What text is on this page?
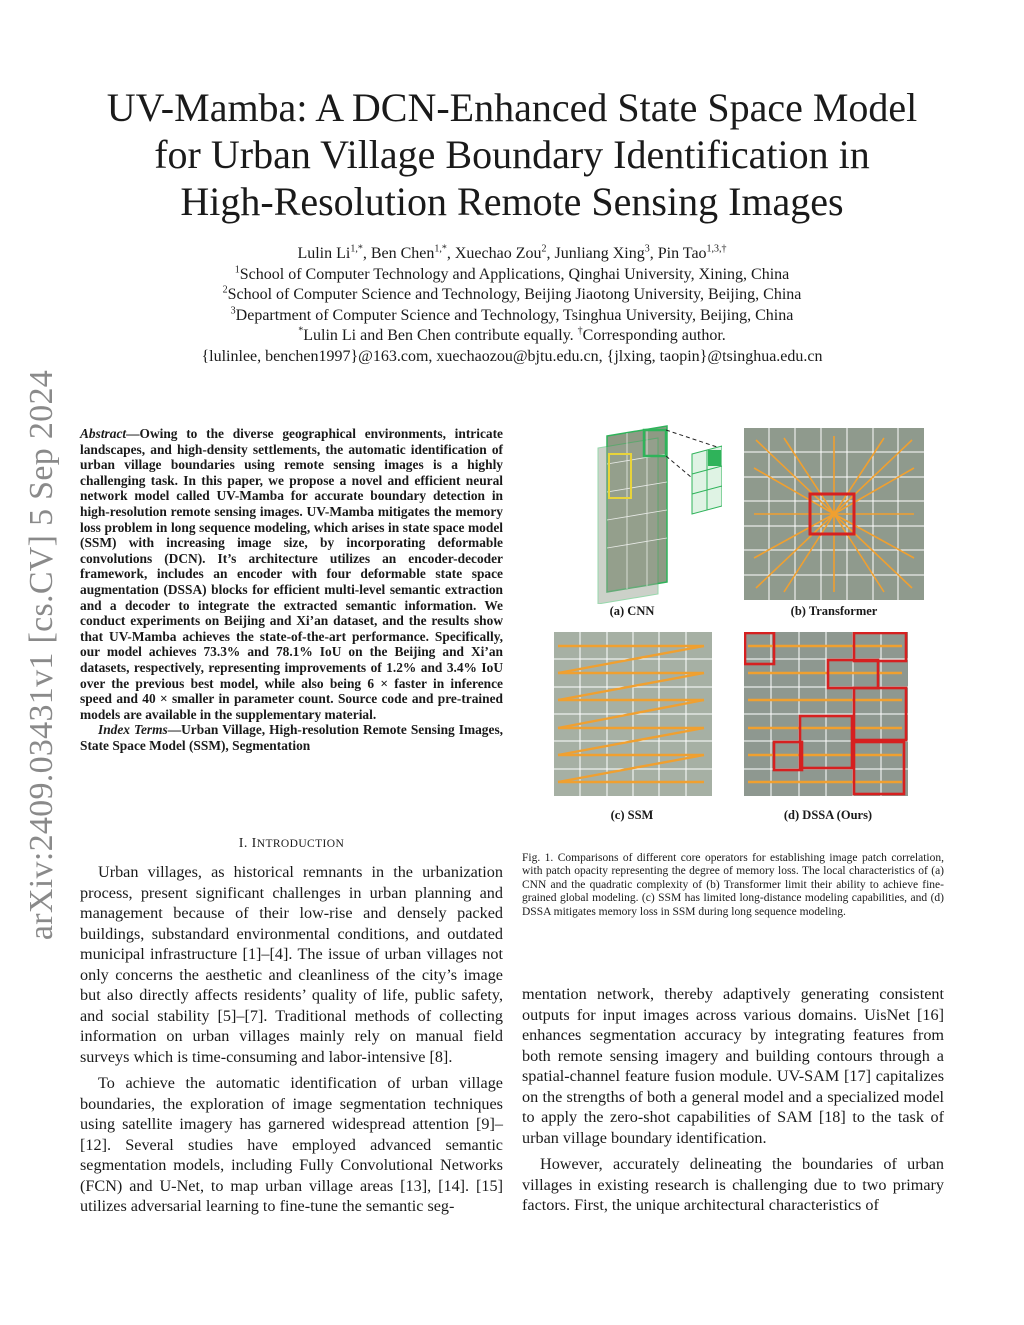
arXiv:2409.03431v1 [cs.CV] 5 Sep 2024
UV-Mamba: A DCN-Enhanced State Space Model
for Urban Village Boundary Identification in
High-Resolution Remote Sensing Images
Lulin $Li^{1,*}$, Ben Chen$^{1,*}$, Xuechao Zou$^2$, Junliang Xing$^3$, Pin Tao$^{1,3,\dagger}$
$^1$School of Computer Technology and Applications, Qinghai University, Xining, China
$^2$School of Computer Science and Technology, Beijing Jiaotong University, Beijing, China
$^3$Department of Computer Science and Technology, Tsinghua University, Beijing, China
*Lulin Li and Ben Chen contribute equally. †Corresponding author.
{lulinlee, benchen1997}@163.com, xuechaozou@bjtu.edu.cn, {jlxing, taopin}@tsinghua.edu.cn

Abstract—Owing to the diverse geographical environments, intricate landscapes, and high-density settlements, the automatic identification of urban village boundaries using remote sensing images is a highly challenging task. In this paper, we propose a novel and efficient neural network model called UV-Mamba for accurate boundary detection in high-resolution remote sensing images. UV-Mamba mitigates the memory loss problem in long sequence modeling, which arises in state space model (SSM) with increasing image size, by incorporating deformable convolutions (DCN). It’s architecture utilizes an encoder-decoder framework, includes an encoder with four deformable state space augmentation (DSSA) blocks for efficient multi-level semantic extraction and a decoder to integrate the extracted semantic information. We conduct experiments on Beijing and Xi’an dataset, and the results show that UV-Mamba achieves the state-of-the-art performance. Specifically, our model achieves 73.3% and 78.1% IoU on the Beijing and Xi’an datasets, respectively, representing improvements of 1.2% and 3.4% IoU over the previous best model, while also being 6 × faster in inference speed and 40 × smaller in parameter count. Source code and pre-trained models are available in the supplementary material.
Index Terms—Urban Village, High-resolution Remote Sensing Images, State Space Model (SSM), Segmentation

I. INTRODUCTION

Urban villages, as historical remnants in the urbanization process, present significant challenges in urban planning and management because of their low-rise and densely packed buildings, substandard environmental conditions, and outdated municipal infrastructure [1]–[4]. The issue of urban villages not only concerns the aesthetic and cleanliness of the city’s image but also directly affects residents’ quality of life, public safety, and social stability [5]–[7]. Traditional methods of collecting information on urban villages mainly rely on manual field surveys which is time-consuming and labor-intensive [8].

To achieve the automatic identification of urban village boundaries, the exploration of image segmentation techniques using satellite imagery has garnered widespread attention [9]–[12]. Several studies have employed advanced semantic segmentation models, including Fully Convolutional Networks (FCN) and U-Net, to map urban village areas [13], [14]. [15] utilizes adversarial learning to fine-tune the semantic seg-

(a) CNN	(b) Transformer
(c) SSM	(d) DSSA (Ours)
Fig. 1. Comparisons of different core operators for establishing image patch correlation, with patch opacity representing the degree of memory loss. The local characteristics of (a) CNN and the quadratic complexity of (b) Transformer limit their ability to achieve fine-grained global modeling. (c) SSM has limited long-distance modeling capabilities, and (d) DSSA mitigates memory loss in SSM during long sequence modeling.

mentation network, thereby adaptively generating consistent outputs for input images across various domains. UisNet [16] enhances segmentation accuracy by integrating features from both remote sensing imagery and building contours through a spatial-channel feature fusion module. UV-SAM [17] capitalizes on the strengths of both a general model and a specialized model to apply the zero-shot capabilities of SAM [18] to the task of urban village boundary identification.

However, accurately delineating the boundaries of urban villages in existing research is challenging due to two primary factors. First, the unique architectural characteristics of
